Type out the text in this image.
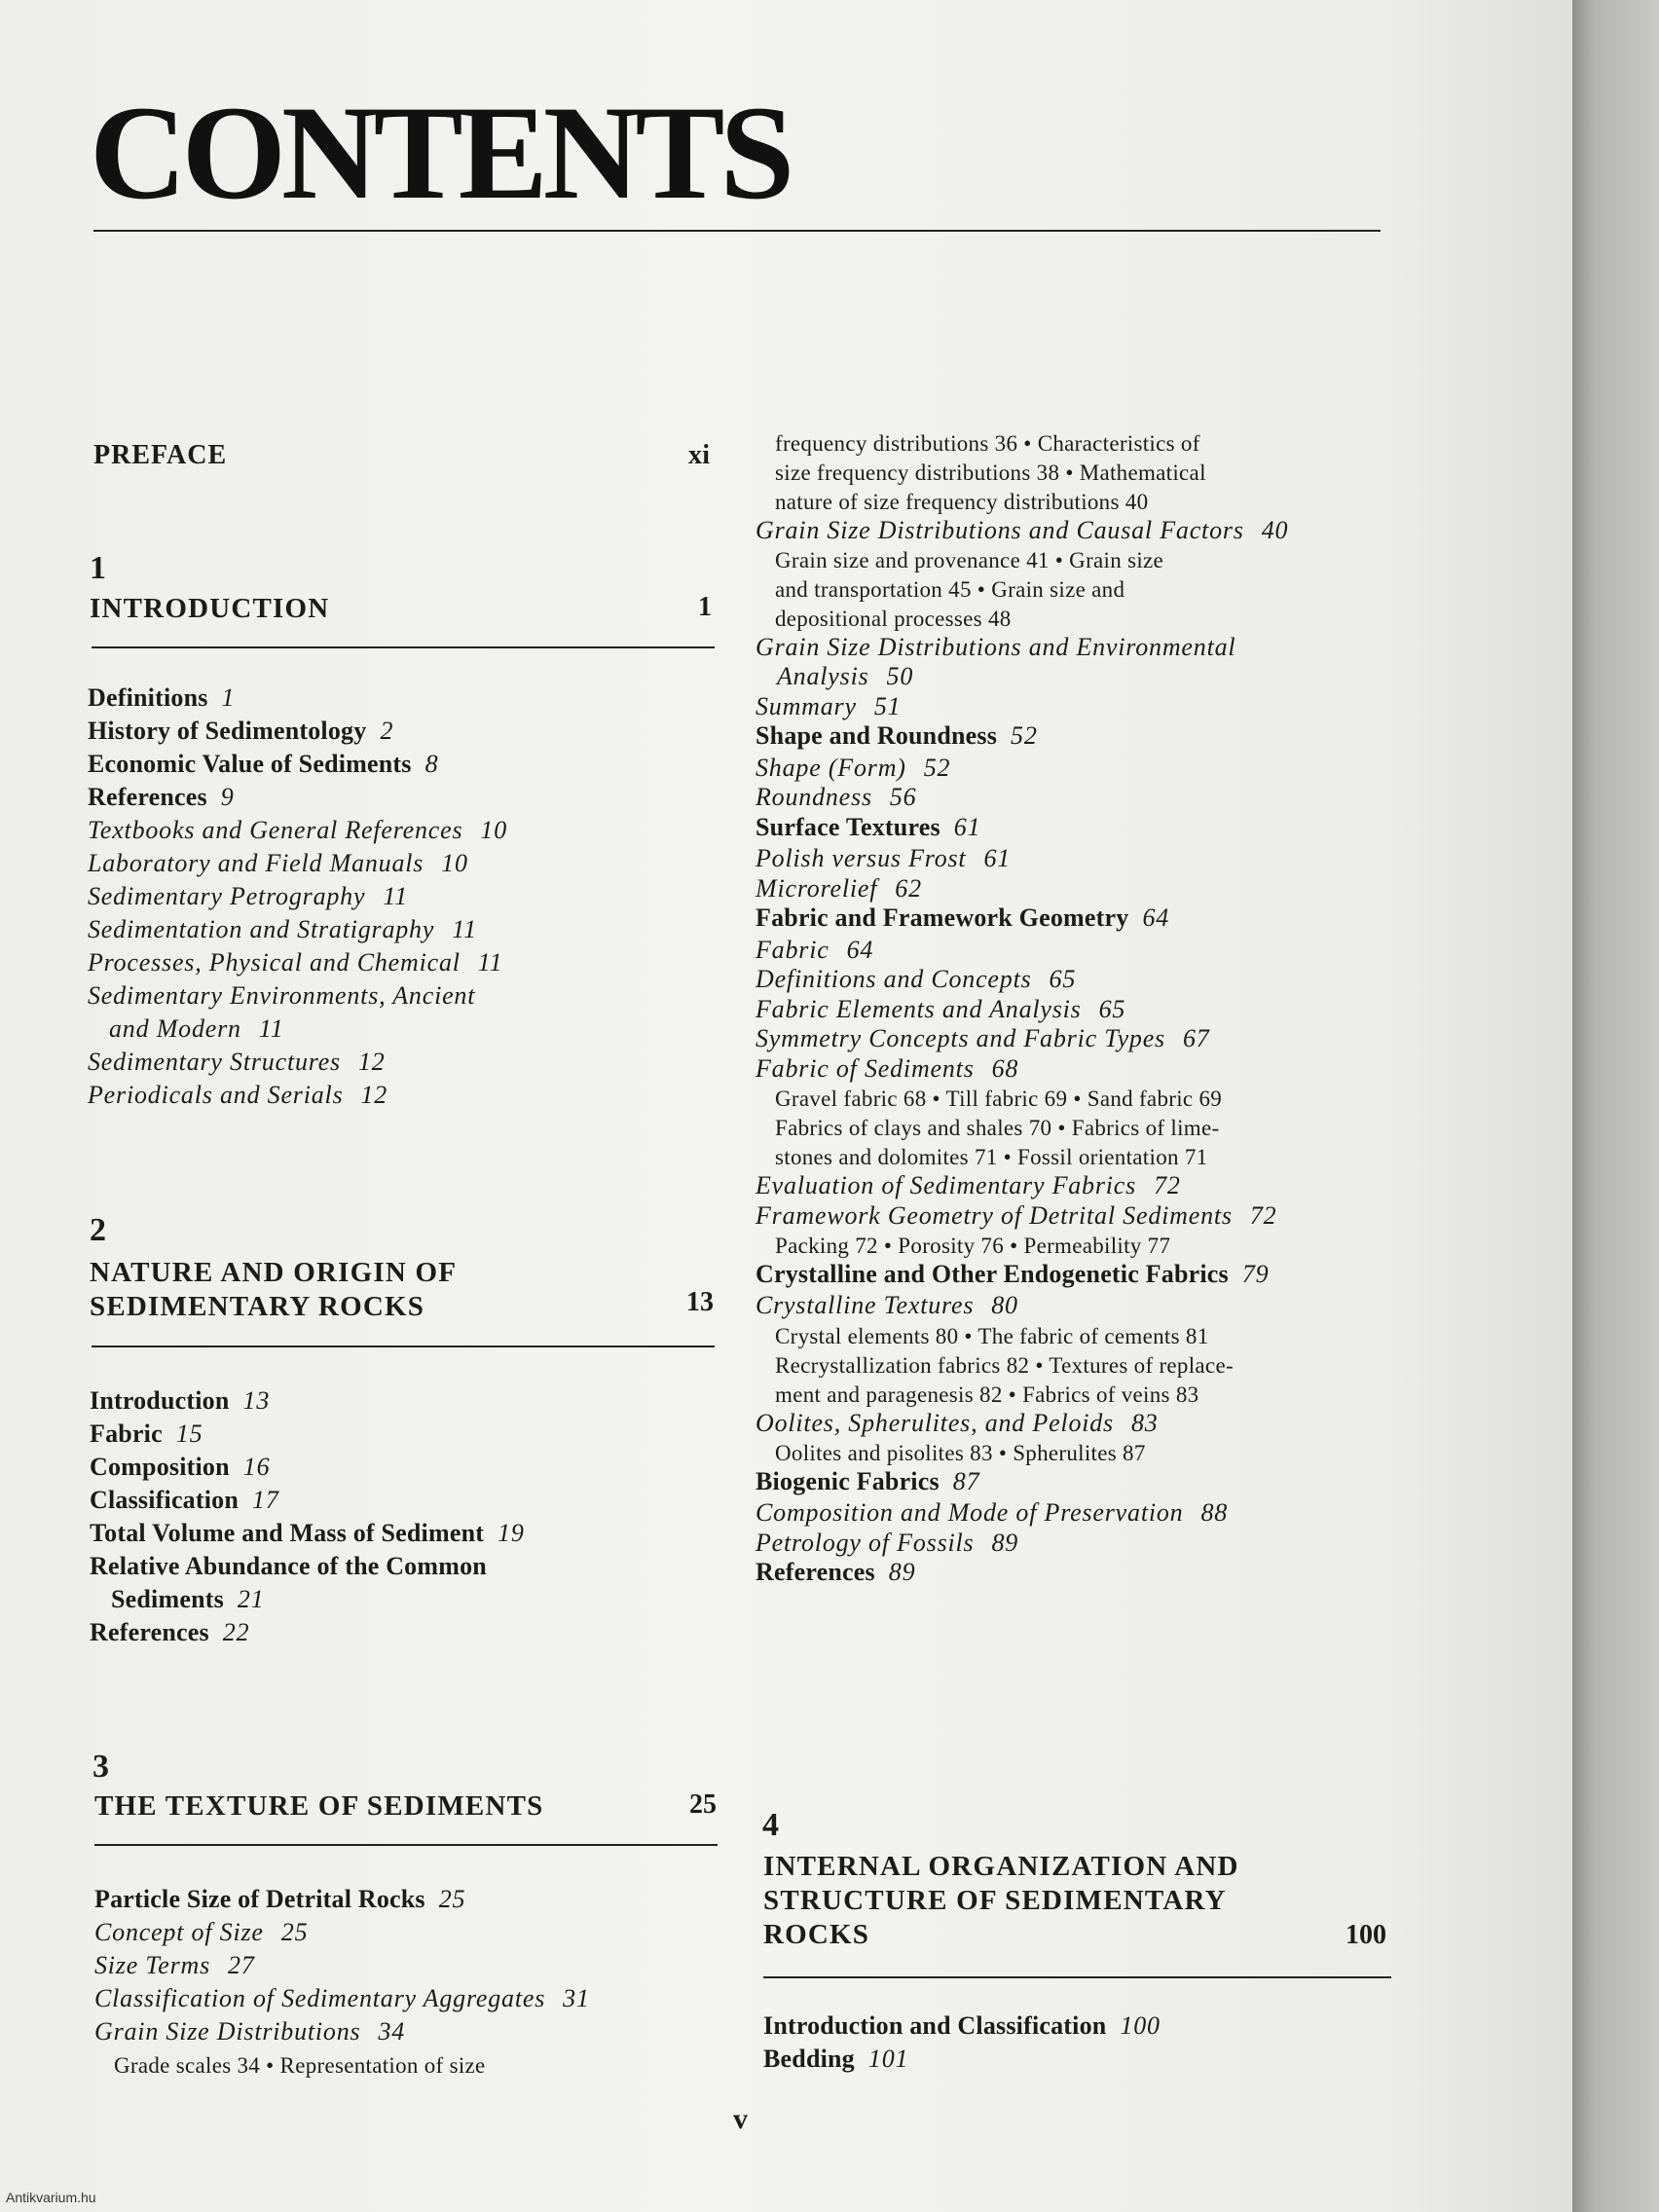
CONTENTS
PREFACE	xi
1
INTRODUCTION	1
Definitions 1
History of Sedimentology 2
Economic Value of Sediments 8
References 9
Textbooks and General References 10
Laboratory and Field Manuals 10
Sedimentary Petrography 11
Sedimentation and Stratigraphy 11
Processes, Physical and Chemical 11
Sedimentary Environments, Ancient
and Modern 11
Sedimentary Structures 12
Periodicals and Serials 12
2
NATURE AND ORIGIN OF
SEDIMENTARY ROCKS	13
Introduction 13
Fabric 15
Composition 16
Classification 17
Total Volume and Mass of Sediment 19
Relative Abundance of the Common
Sediments 21
References 22
3
THE TEXTURE OF SEDIMENTS	25
Particle Size of Detrital Rocks 25
Concept of Size 25
Size Terms 27
Classification of Sedimentary Aggregates 31
Grain Size Distributions 34
Grade scales 34 • Representation of size
frequency distributions 36 • Characteristics of
size frequency distributions 38 • Mathematical
nature of size frequency distributions 40
Grain Size Distributions and Causal Factors 40
Grain size and provenance 41 • Grain size
and transportation 45 • Grain size and
depositional processes 48
Grain Size Distributions and Environmental
Analysis 50
Summary 51
Shape and Roundness 52
Shape (Form) 52
Roundness 56
Surface Textures 61
Polish versus Frost 61
Microrelief 62
Fabric and Framework Geometry 64
Fabric 64
Definitions and Concepts 65
Fabric Elements and Analysis 65
Symmetry Concepts and Fabric Types 67
Fabric of Sediments 68
Gravel fabric 68 • Till fabric 69 • Sand fabric 69
Fabrics of clays and shales 70 • Fabrics of lime-
stones and dolomites 71 • Fossil orientation 71
Evaluation of Sedimentary Fabrics 72
Framework Geometry of Detrital Sediments 72
Packing 72 • Porosity 76 • Permeability 77
Crystalline and Other Endogenetic Fabrics 79
Crystalline Textures 80
Crystal elements 80 • The fabric of cements 81
Recrystallization fabrics 82 • Textures of replace-
ment and paragenesis 82 • Fabrics of veins 83
Oolites, Spherulites, and Peloids 83
Oolites and pisolites 83 • Spherulites 87
Biogenic Fabrics 87
Composition and Mode of Preservation 88
Petrology of Fossils 89
References 89
4
INTERNAL ORGANIZATION AND
STRUCTURE OF SEDIMENTARY
ROCKS	100
Introduction and Classification 100
Bedding 101
v
Antikvarium.hu
